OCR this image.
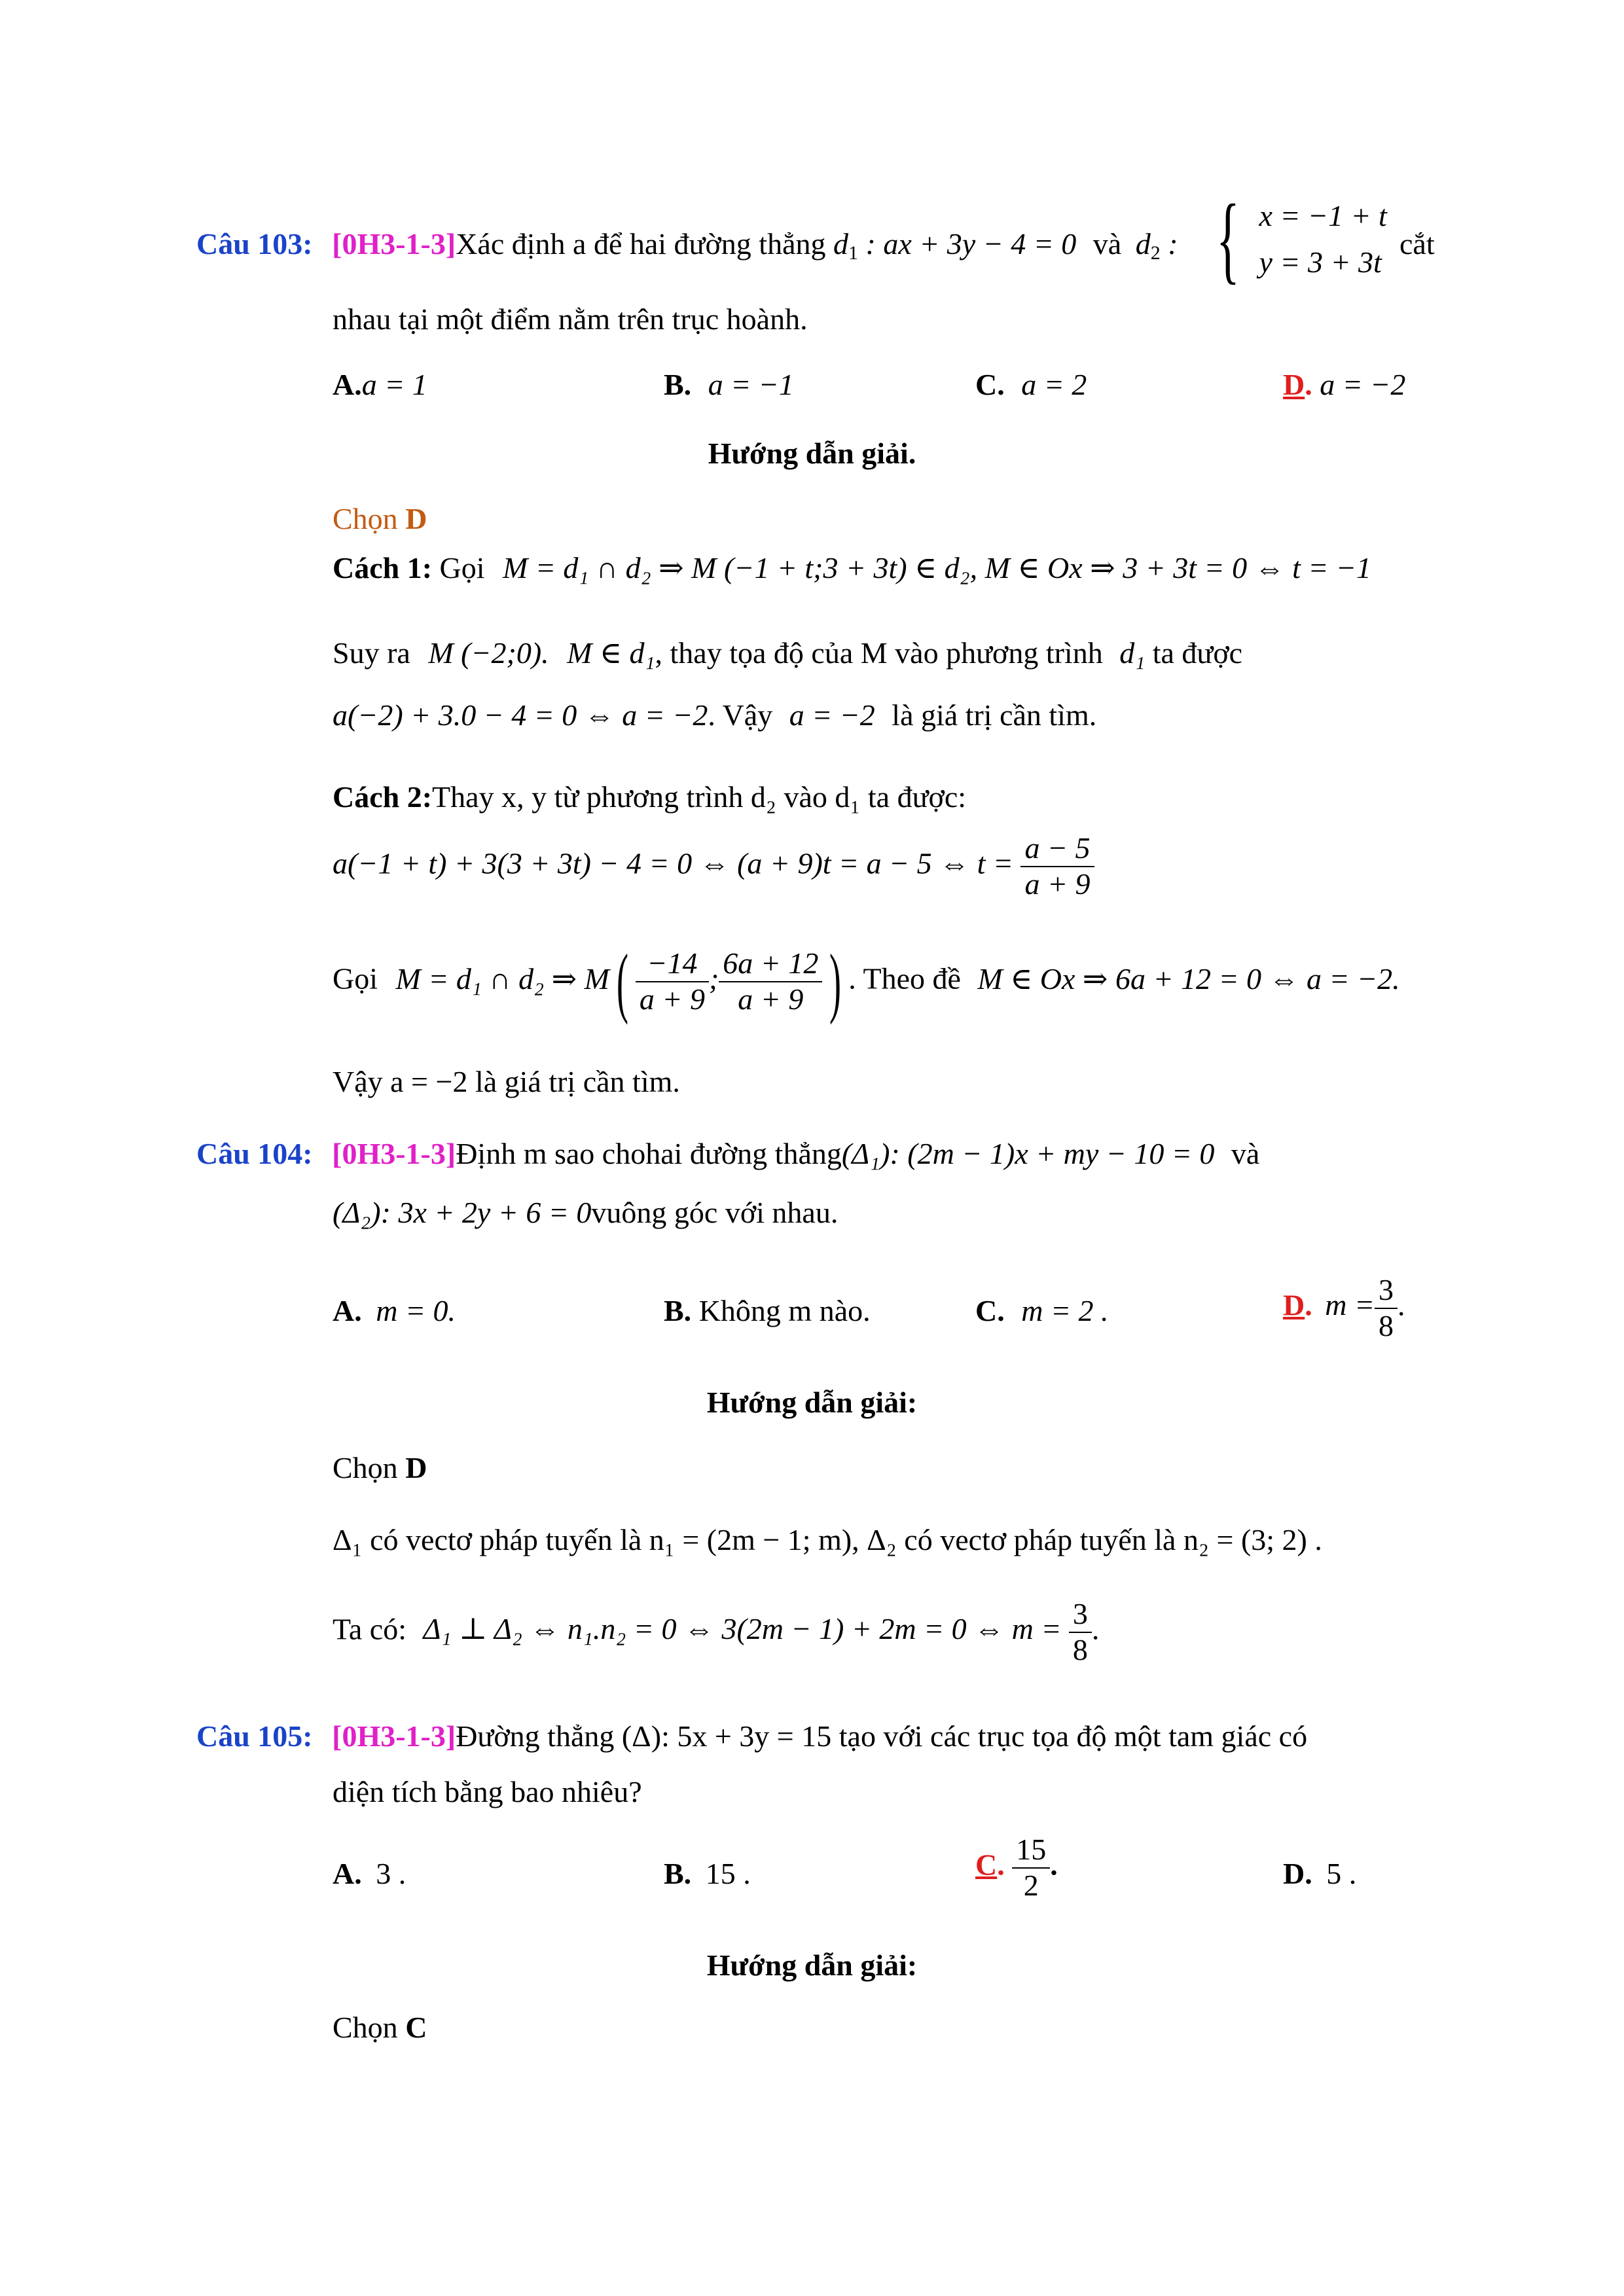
Câu 103: [0H3-1-3]Xác định a để hai đường thẳng $d_1$ : ax + 3y − 4 = 0 và $d_2$ : { x = −1 + t
y = 3 + 3t
cắt
nhau tại một điểm nằm trên trục hoành.
A.a = 1	B. a = −1	C. a = 2	D. a = −2
Hướng dẫn giải.
Chọn D
Cách 1: Gọi M = d₁ ∩ d₂ ⇒ M (−1 + t;3 + 3t) ∈ d₂, M ∈ Ox ⇒ 3 + 3t = 0 ⇔ t = −1
Suy ra M (−2;0). M ∈ d₁, thay tọa độ của M vào phương trình d₁ ta được
a(−2) + 3.0 − 4 = 0 ⇔ a = −2. Vậy a = −2 là giá trị cần tìm.
Cách 2:Thay x, y từ phương trình d₂ vào d₁ ta được:
a(−1 + t) + 3(3 + 3t) − 4 = 0 ⇔ (a + 9)t = a − 5 ⇔ $t = \frac{a - 5}{a + 9}$
Gọi M = d₁ ∩ d₂ ⇒ $M( \frac{-14}{a + 9}$ ; $\frac{6a + 12}{a + 9}$ ) . Theo đề M ∈ Ox ⇒ 6a + 12 = 0 ⇔ a = −2.
Vậy a = −2 là giá trị cần tìm.
Câu 104: [0H3-1-3]Định m sao chohai đường thẳng(Δ₁): (2m − 1)x + my − 10 = 0 và
(Δ₂): 3x + 2y + 6 = 0vuông góc với nhau.
A. m = 0.	B. Không m nào.	C. m = 2 .	D. $m = \frac{3}{8}$ .
Hướng dẫn giải:
Chọn D
Δ₁ có vectơ pháp tuyến là n₁ = (2m − 1; m), Δ₂ có vectơ pháp tuyến là n₂ = (3; 2) .
Ta có: Δ₁ ⊥ Δ₂ ⇔ n₁.n₂ = 0 ⇔ 3(2m − 1) + 2m = 0 ⇔ $m = \frac{3}{8}$ .
Câu 105: [0H3-1-3]Đường thẳng (Δ): 5x + 3y = 15 tạo với các trục tọa độ một tam giác có
diện tích bằng bao nhiêu?
A. 3 .	B. 15 .	C. $\frac{15}{2}$ .	D. 5 .
Hướng dẫn giải:
Chọn C
